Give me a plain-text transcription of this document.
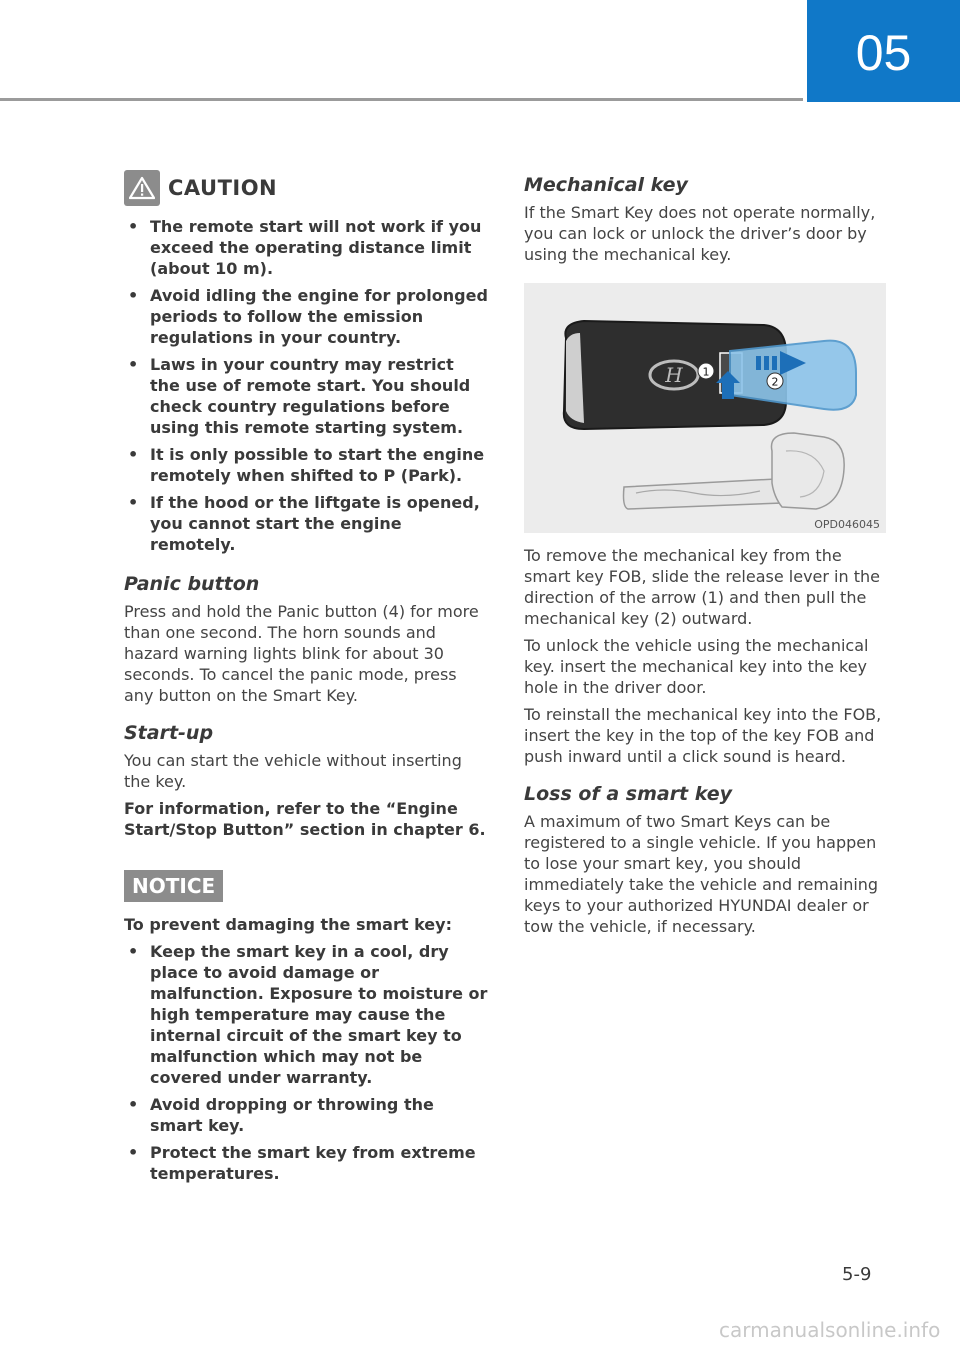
05
CAUTION
• The remote start will not work if you exceed the operating distance limit (about 10 m).
• Avoid idling the engine for prolonged periods to follow the emission regulations in your country.
• Laws in your country may restrict the use of remote start. You should check country regulations before using this remote starting system.
• It is only possible to start the engine remotely when shifted to P (Park).
• If the hood or the liftgate is opened, you cannot start the engine remotely.
Panic button

Press and hold the Panic button (4) for more than one second. The horn sounds and hazard warning lights blink for about 30 seconds. To cancel the panic mode, press any button on the Smart Key.

Start-up

You can start the vehicle without inserting the key.

For information, refer to the “Engine Start/Stop Button” section in chapter 6.

NOTICE

To prevent damaging the smart key:

• Keep the smart key in a cool, dry place to avoid damage or malfunction. Exposure to moisture or high temperature may cause the internal circuit of the smart key to malfunction which may not be covered under warranty.
• Avoid dropping or throwing the smart key.
• Protect the smart key from extreme temperatures.
Mechanical key

If the Smart Key does not operate normally, you can lock or unlock the driver’s door by using the mechanical key.

H 1
2
OPD046045

To remove the mechanical key from the smart key FOB, slide the release lever in the direction of the arrow (1) and then pull the mechanical key (2) outward.

To unlock the vehicle using the mechanical key. insert the mechanical key into the key hole in the driver door.

To reinstall the mechanical key into the FOB, insert the key in the top of the key FOB and push inward until a click sound is heard.

Loss of a smart key

A maximum of two Smart Keys can be registered to a single vehicle. If you happen to lose your smart key, you should immediately take the vehicle and remaining keys to your authorized HYUNDAI dealer or tow the vehicle, if necessary.

5-9
carmanualsonline.info
